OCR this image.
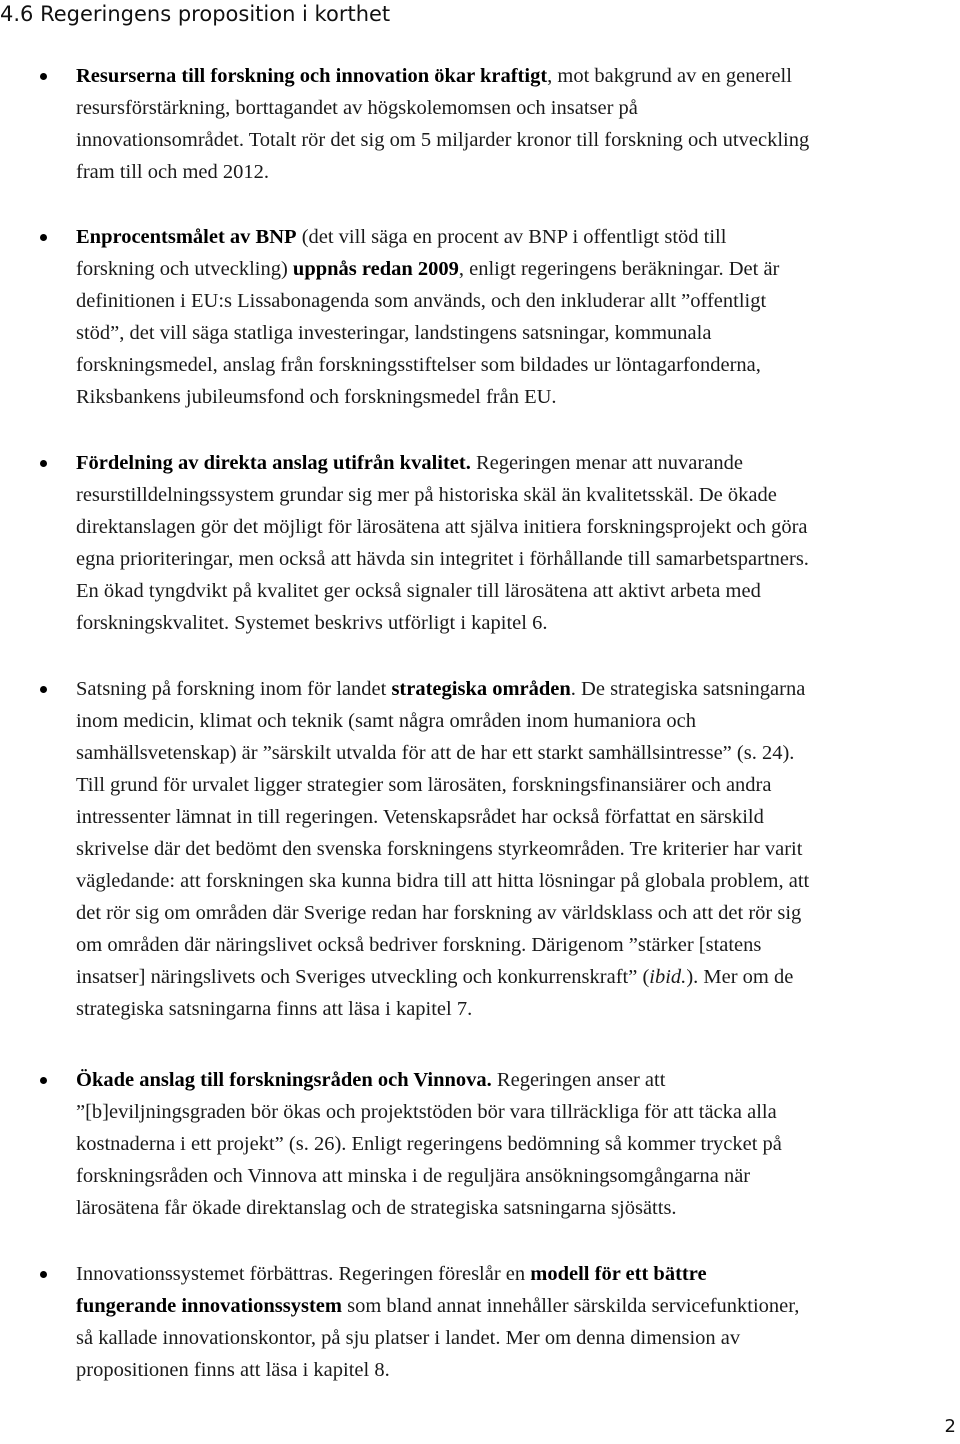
4.6 Regeringens proposition i korthet
Resurserna till forskning och innovation ökar kraftigt, mot bakgrund av en generell
resursförstärkning, borttagandet av högskolemomsen och insatser på
innovationsområdet. Totalt rör det sig om 5 miljarder kronor till forskning och utveckling
fram till och med 2012.
Enprocentsmålet av BNP (det vill säga en procent av BNP i offentligt stöd till
forskning och utveckling) uppnås redan 2009, enligt regeringens beräkningar. Det är
definitionen i EU:s Lissabonagenda som används, och den inkluderar allt ”offentligt
stöd”, det vill säga statliga investeringar, landstingens satsningar, kommunala
forskningsmedel, anslag från forskningsstiftelser som bildades ur löntagarfonderna,
Riksbankens jubileumsfond och forskningsmedel från EU.
Fördelning av direkta anslag utifrån kvalitet. Regeringen menar att nuvarande
resurstilldelningssystem grundar sig mer på historiska skäl än kvalitetsskäl. De ökade
direktanslagen gör det möjligt för lärosätena att själva initiera forskningsprojekt och göra
egna prioriteringar, men också att hävda sin integritet i förhållande till samarbetspartners.
En ökad tyngdvikt på kvalitet ger också signaler till lärosätena att aktivt arbeta med
forskningskvalitet. Systemet beskrivs utförligt i kapitel 6.
Satsning på forskning inom för landet strategiska områden. De strategiska satsningarna
inom medicin, klimat och teknik (samt några områden inom humaniora och
samhällsvetenskap) är ”särskilt utvalda för att de har ett starkt samhällsintresse” (s. 24).
Till grund för urvalet ligger strategier som lärosäten, forskningsfinansiärer och andra
intressenter lämnat in till regeringen. Vetenskapsrådet har också författat en särskild
skrivelse där det bedömt den svenska forskningens styrkeområden. Tre kriterier har varit
vägledande: att forskningen ska kunna bidra till att hitta lösningar på globala problem, att
det rör sig om områden där Sverige redan har forskning av världsklass och att det rör sig
om områden där näringslivet också bedriver forskning. Därigenom ”stärker [statens
insatser] näringslivets och Sveriges utveckling och konkurrenskraft” (ibid.). Mer om de
strategiska satsningarna finns att läsa i kapitel 7.
Ökade anslag till forskningsråden och Vinnova. Regeringen anser att
”[b]eviljningsgraden bör ökas och projektstöden bör vara tillräckliga för att täcka alla
kostnaderna i ett projekt” (s. 26). Enligt regeringens bedömning så kommer trycket på
forskningsråden och Vinnova att minska i de reguljära ansökningsomgångarna när
lärosätena får ökade direktanslag och de strategiska satsningarna sjösätts.
Innovationssystemet förbättras. Regeringen föreslår en modell för ett bättre
fungerande innovationssystem som bland annat innehåller särskilda servicefunktioner,
så kallade innovationskontor, på sju platser i landet. Mer om denna dimension av
propositionen finns att läsa i kapitel 8.
2
